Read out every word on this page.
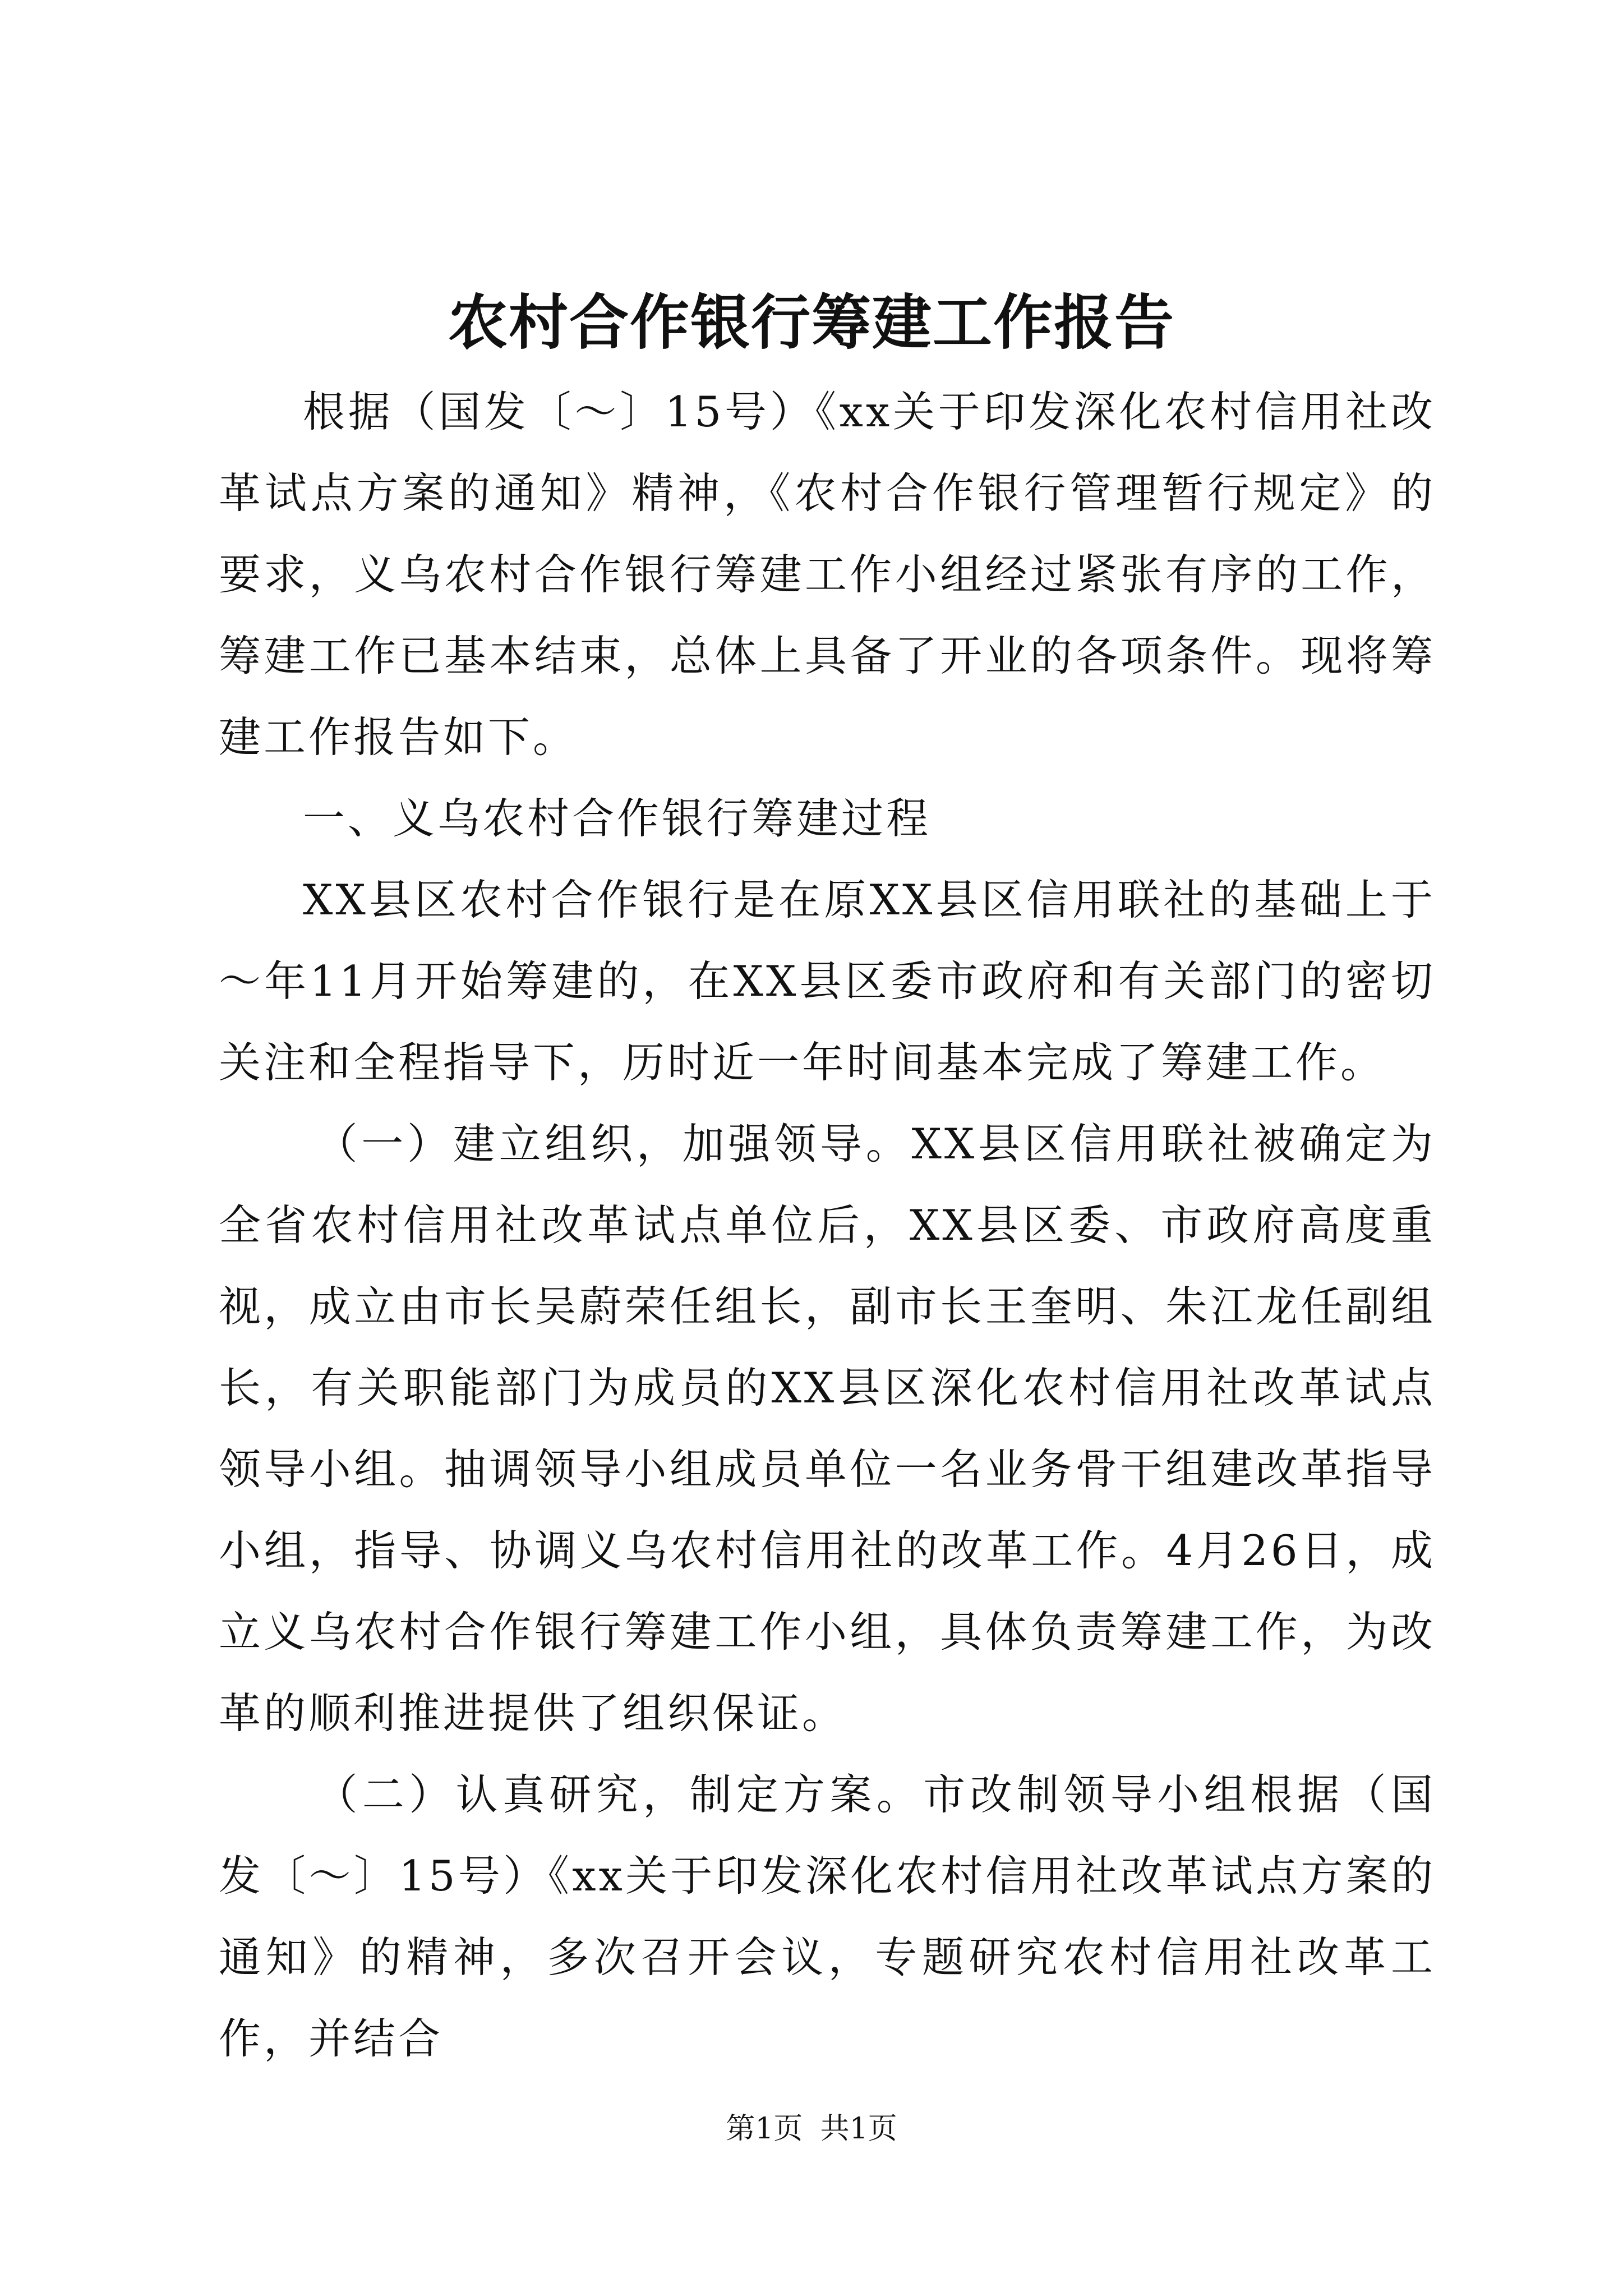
农村合作银行筹建工作报告

根据（国发〔～〕15号）《xx关于印发深化农村信用社改革试点方案的通知》精神，《农村合作银行管理暂行规定》的要求，义乌农村合作银行筹建工作小组经过紧张有序的工作，筹建工作已基本结束，总体上具备了开业的各项条件。现将筹建工作报告如下。

一、义乌农村合作银行筹建过程

XX县区农村合作银行是在原XX县区信用联社的基础上于～年11月开始筹建的，在XX县区委市政府和有关部门的密切关注和全程指导下，历时近一年时间基本完成了筹建工作。

（一）建立组织，加强领导。XX县区信用联社被确定为全省农村信用社改革试点单位后，XX县区委、市政府高度重视，成立由市长吴蔚荣任组长，副市长王奎明、朱江龙任副组长，有关职能部门为成员的XX县区深化农村信用社改革试点领导小组。抽调领导小组成员单位一名业务骨干组建改革指导小组，指导、协调义乌农村信用社的改革工作。4月26日，成立义乌农村合作银行筹建工作小组，具体负责筹建工作，为改革的顺利推进提供了组织保证。

（二）认真研究，制定方案。市改制领导小组根据（国发〔～〕15号）《xx关于印发深化农村信用社改革试点方案的通知》的精神，多次召开会议，专题研究农村信用社改革工作，并结合

第1页 共1页
